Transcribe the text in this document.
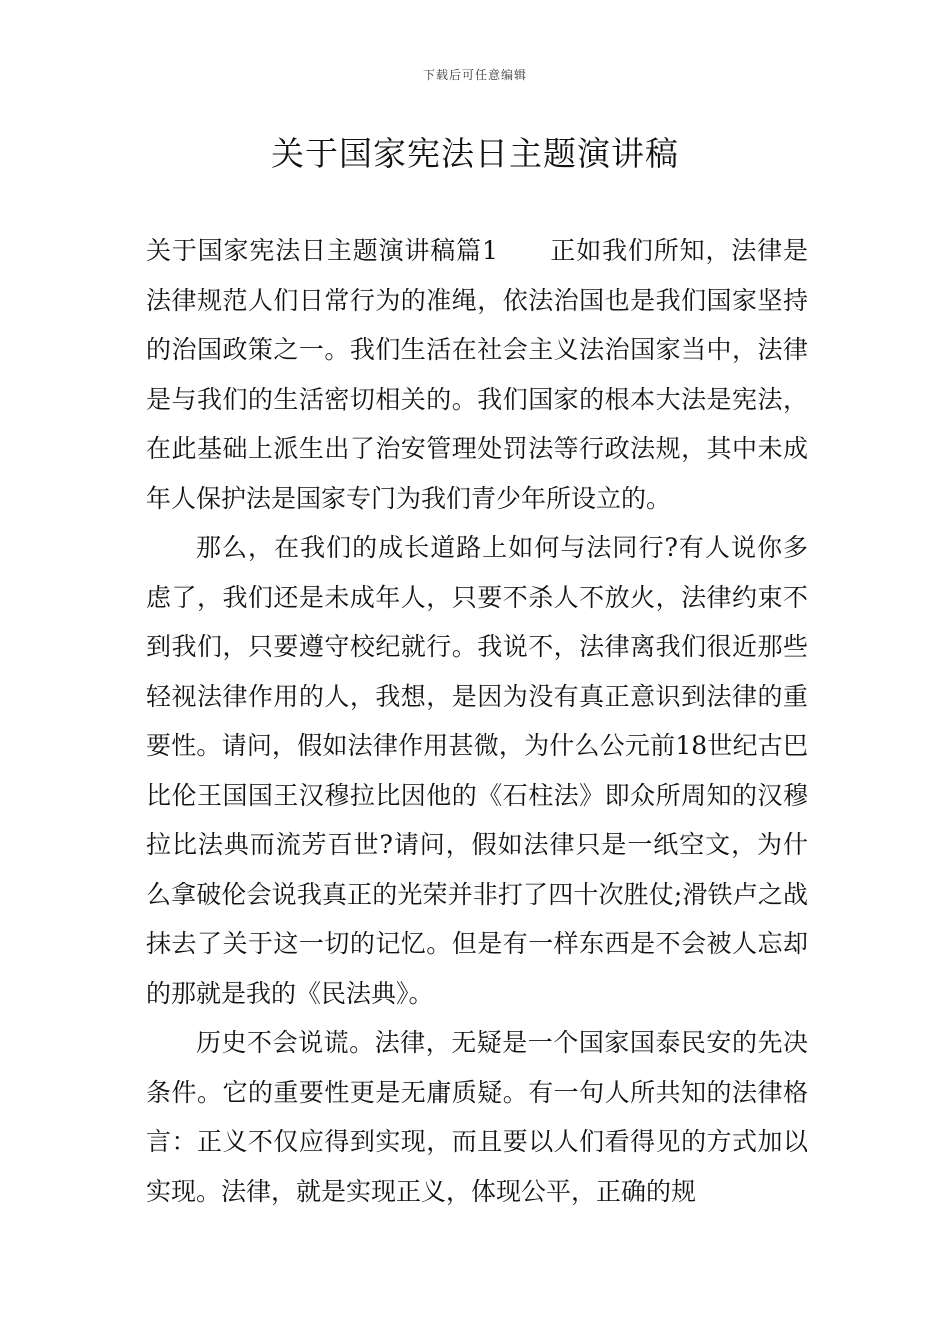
下载后可任意编辑
关于国家宪法日主题演讲稿

关于国家宪法日主题演讲稿篇1　　正如我们所知，法律是法律规范人们日常行为的准绳，依法治国也是我们国家坚持的治国政策之一。我们生活在社会主义法治国家当中，法律是与我们的生活密切相关的。我们国家的根本大法是宪法，在此基础上派生出了治安管理处罚法等行政法规，其中未成年人保护法是国家专门为我们青少年所设立的。

那么，在我们的成长道路上如何与法同行?有人说你多虑了，我们还是未成年人，只要不杀人不放火，法律约束不到我们，只要遵守校纪就行。我说不，法律离我们很近那些轻视法律作用的人，我想，是因为没有真正意识到法律的重要性。请问，假如法律作用甚微，为什么公元前18世纪古巴比伦王国国王汉穆拉比因他的《石柱法》即众所周知的汉穆拉比法典而流芳百世?请问，假如法律只是一纸空文，为什么拿破伦会说我真正的光荣并非打了四十次胜仗;滑铁卢之战抹去了关于这一切的记忆。但是有一样东西是不会被人忘却的那就是我的《民法典》。

历史不会说谎。法律，无疑是一个国家国泰民安的先决条件。它的重要性更是无庸质疑。有一句人所共知的法律格言：正义不仅应得到实现，而且要以人们看得见的方式加以实现。法律，就是实现正义，体现公平，正确的规
